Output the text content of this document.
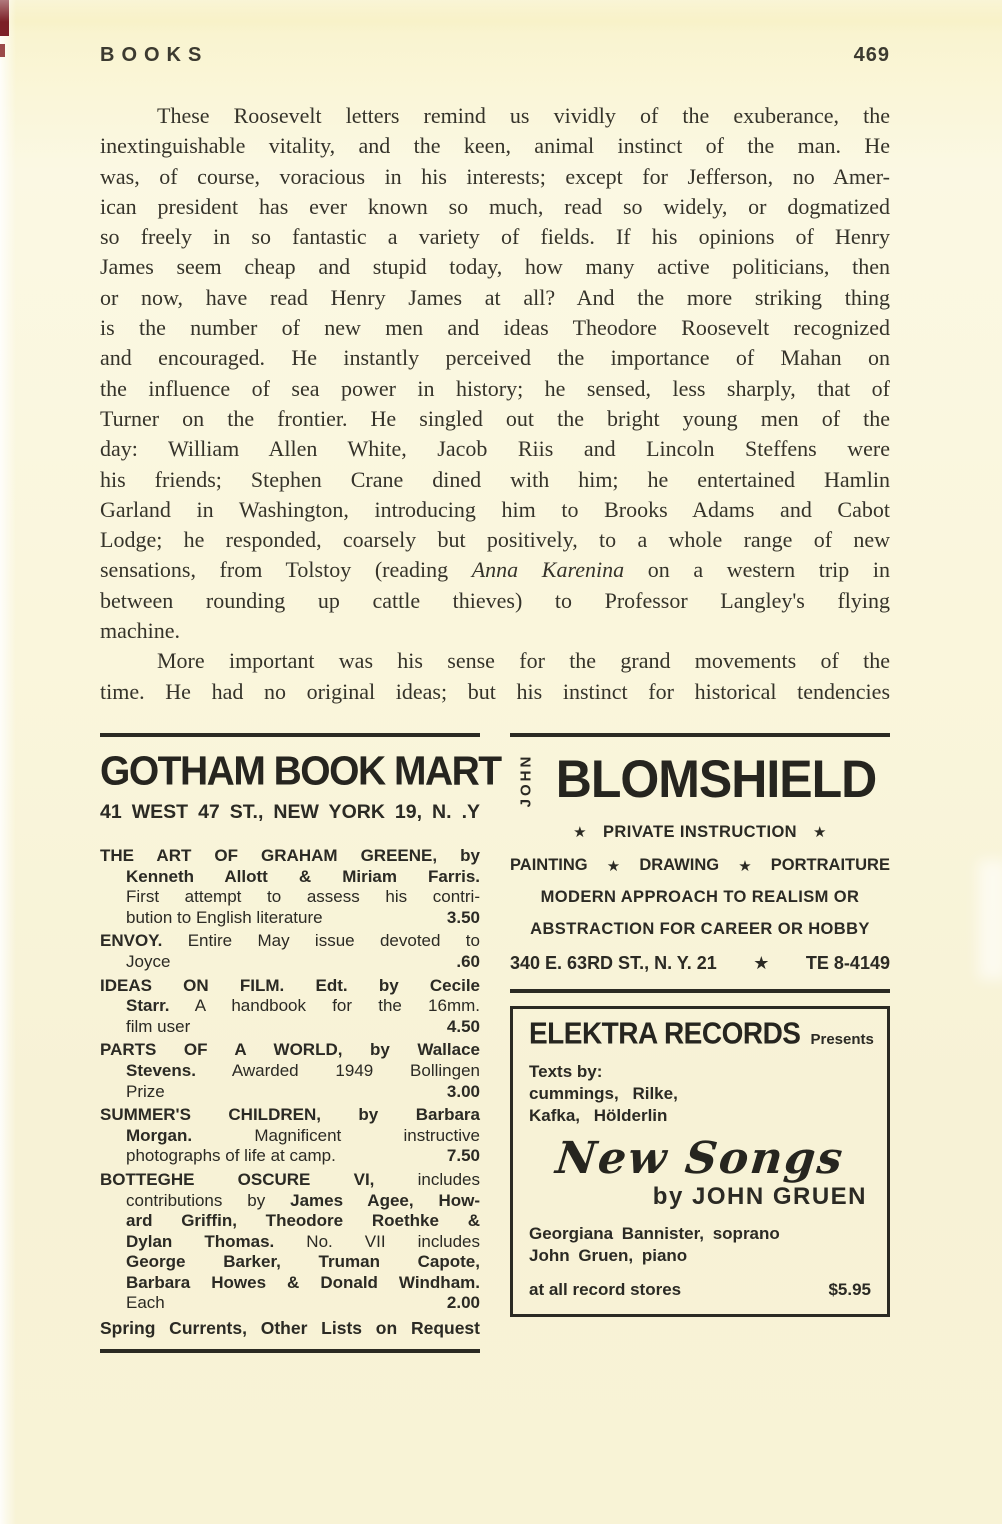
BOOKS	469
These Roosevelt letters remind us vividly of the exuberance, the
inextinguishable vitality, and the keen, animal instinct of the man. He
was, of course, voracious in his interests; except for Jefferson, no Amer-
ican president has ever known so much, read so widely, or dogmatized
so freely in so fantastic a variety of fields. If his opinions of Henry
James seem cheap and stupid today, how many active politicians, then
or now, have read Henry James at all? And the more striking thing
is the number of new men and ideas Theodore Roosevelt recognized
and encouraged. He instantly perceived the importance of Mahan on
the influence of sea power in history; he sensed, less sharply, that of
Turner on the frontier. He singled out the bright young men of the
day: William Allen White, Jacob Riis and Lincoln Steffens were
his friends; Stephen Crane dined with him; he entertained Hamlin
Garland in Washington, introducing him to Brooks Adams and Cabot
Lodge; he responded, coarsely but positively, to a whole range of new
sensations, from Tolstoy (reading Anna Karenina on a western trip in
between rounding up cattle thieves) to Professor Langley's flying
machine.
More important was his sense for the grand movements of the
time. He had no original ideas; but his instinct for historical tendencies
GOTHAM BOOK MART
41 WEST 47 ST., NEW YORK 19, N. .Y
THE ART OF GRAHAM GREENE, by
Kenneth Allott & Miriam Farris.
First attempt to assess his contri-
bution to English literature	3.50
ENVOY. Entire May issue devoted to
Joyce	.60
IDEAS ON FILM. Edt. by Cecile
Starr. A handbook for the 16mm.
film user	4.50
PARTS OF A WORLD, by Wallace
Stevens. Awarded 1949 Bollingen
Prize	3.00
SUMMER'S CHILDREN, by Barbara
Morgan. Magnificent instructive
photographs of life at camp.	7.50
BOTTEGHE OSCURE VI, includes
contributions by James Agee, How-
ard Griffin, Theodore Roethke &
Dylan Thomas. No. VII includes
George Barker, Truman Capote,
Barbara Howes & Donald Windham.
Each	2.00
Spring Currents, Other Lists on Request
JOHN BLOMSHIELD
★ PRIVATE INSTRUCTION ★
PAINTING ★ DRAWING ★ PORTRAITURE
MODERN APPROACH TO REALISM OR
ABSTRACTION FOR CAREER OR HOBBY
340 E. 63RD ST., N. Y. 21 ★ TE 8-4149
ELEKTRA RECORDS Presents
Texts by:
cummings, Rilke,
Kafka, Hölderlin
New Songs
by JOHN GRUEN
Georgiana Bannister, soprano
John Gruen, piano
at all record stores	$5.95
